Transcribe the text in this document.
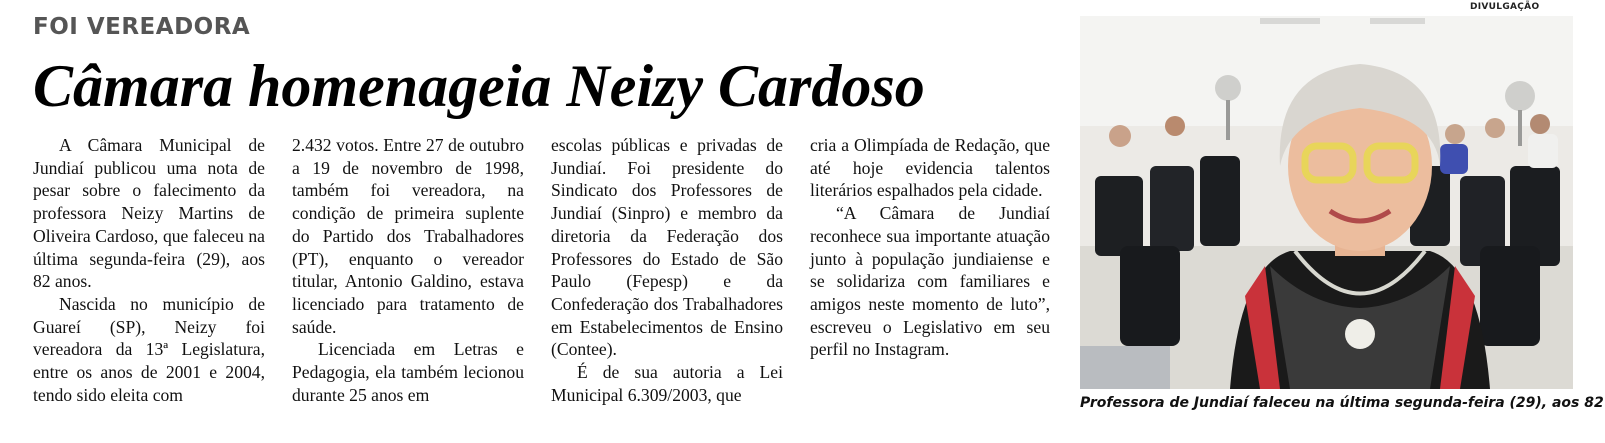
FOI VEREADORA
Câmara homenageia Neizy Cardoso

A Câmara Municipal de Jundiaí publicou uma nota de pesar sobre o falecimento da professora Neizy Martins de Oliveira Cardoso, que faleceu na última segunda-feira (29), aos 82 anos.

Nascida no município de Guareí (SP), Neizy foi vereadora da 13ª Legislatura, entre os anos de 2001 e 2004, tendo sido eleita com

2.432 votos. Entre 27 de outubro a 19 de novembro de 1998, também foi vereadora, na condição de primeira suplente do Partido dos Trabalhadores (PT), enquanto o vereador titular, Antonio Galdino, estava licenciado para tratamento de saúde.

Licenciada em Letras e Pedagogia, ela também lecionou durante 25 anos em

escolas públicas e privadas de Jundiaí. Foi presidente do Sindicato dos Professores de Jundiaí (Sinpro) e membro da diretoria da Federação dos Professores do Estado de São Paulo (Fepesp) e da Confederação dos Trabalhadores em Estabelecimentos de Ensino (Contee).

É de sua autoria a Lei Municipal 6.309/2003, que

cria a Olimpíada de Redação, que até hoje evidencia talentos literários espalhados pela cidade.

“A Câmara de Jundiaí reconhece sua importante atuação junto à população jundiaiense e se solidariza com familiares e amigos neste momento de luto”, escreveu o Legislativo em seu perfil no Instagram.

DIVULGAÇÃO
Professora de Jundiaí faleceu na última segunda-feira (29), aos 82
